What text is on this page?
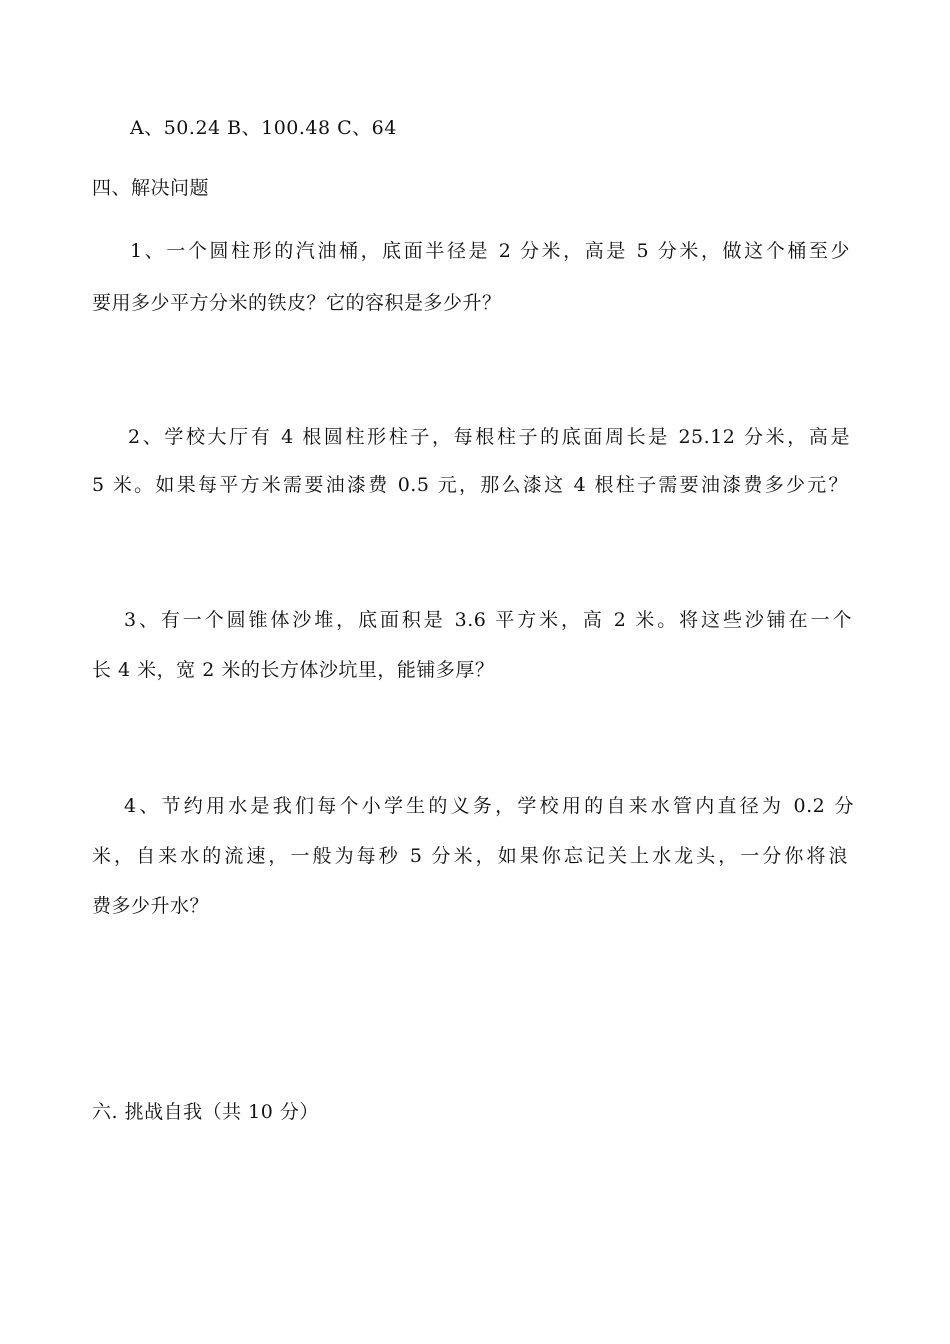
A、50.24 B、100.48 C、64
四、解决问题
1、一个圆柱形的汽油桶，底面半径是 2 分米，高是 5 分米，做这个桶至少
要用多少平方分米的铁皮？它的容积是多少升？
2、学校大厅有 4 根圆柱形柱子，每根柱子的底面周长是 25.12 分米，高是
5 米。如果每平方米需要油漆费 0.5 元，那么漆这 4 根柱子需要油漆费多少元？
3、有一个圆锥体沙堆，底面积是 3.6 平方米，高 2 米。将这些沙铺在一个
长 4 米，宽 2 米的长方体沙坑里，能铺多厚？
4、节约用水是我们每个小学生的义务，学校用的自来水管内直径为 0.2 分
米，自来水的流速，一般为每秒 5 分米，如果你忘记关上水龙头，一分你将浪
费多少升水？
六. 挑战自我（共 10 分）
